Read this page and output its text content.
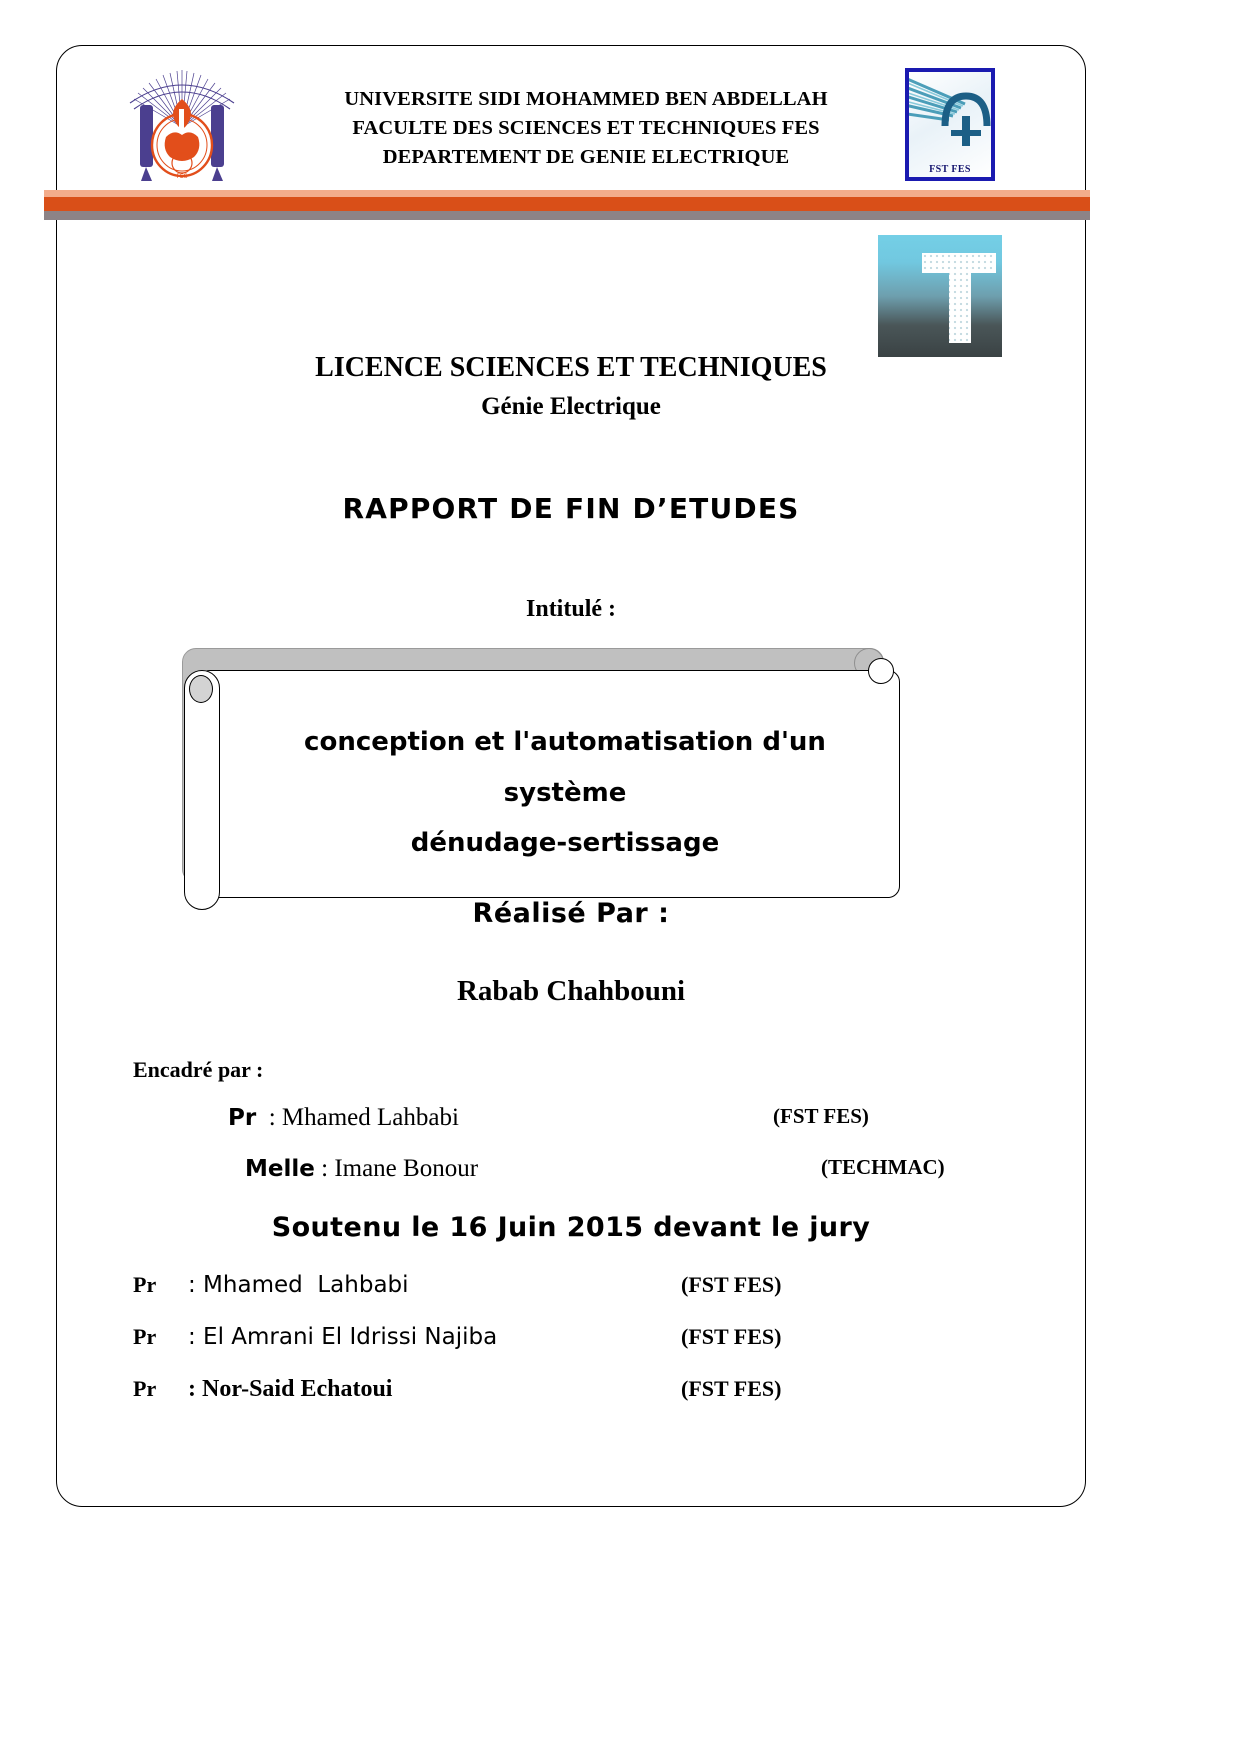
FES
UNIVERSITE SIDI MOHAMMED BEN ABDELLAH
FACULTE DES SCIENCES ET TECHNIQUES FES
DEPARTEMENT DE GENIE ELECTRIQUE
FST FES
LICENCE SCIENCES ET TECHNIQUES
Génie Electrique
RAPPORT DE FIN D’ETUDES
Intitulé :
conception et l'automatisation d'un
système
dénudage-sertissage
Réalisé Par :
Rabab Chahbouni
Encadré par :
Pr : Mhamed Lahbabi	(FST FES)
Melle : Imane Bonour	(TECHMAC)
Soutenu le 16 Juin 2015 devant le jury
Pr : Mhamed  Lahbabi	(FST FES)
Pr : El Amrani El Idrissi Najiba	(FST FES)
Pr : Nor-Said Echatoui	(FST FES)
